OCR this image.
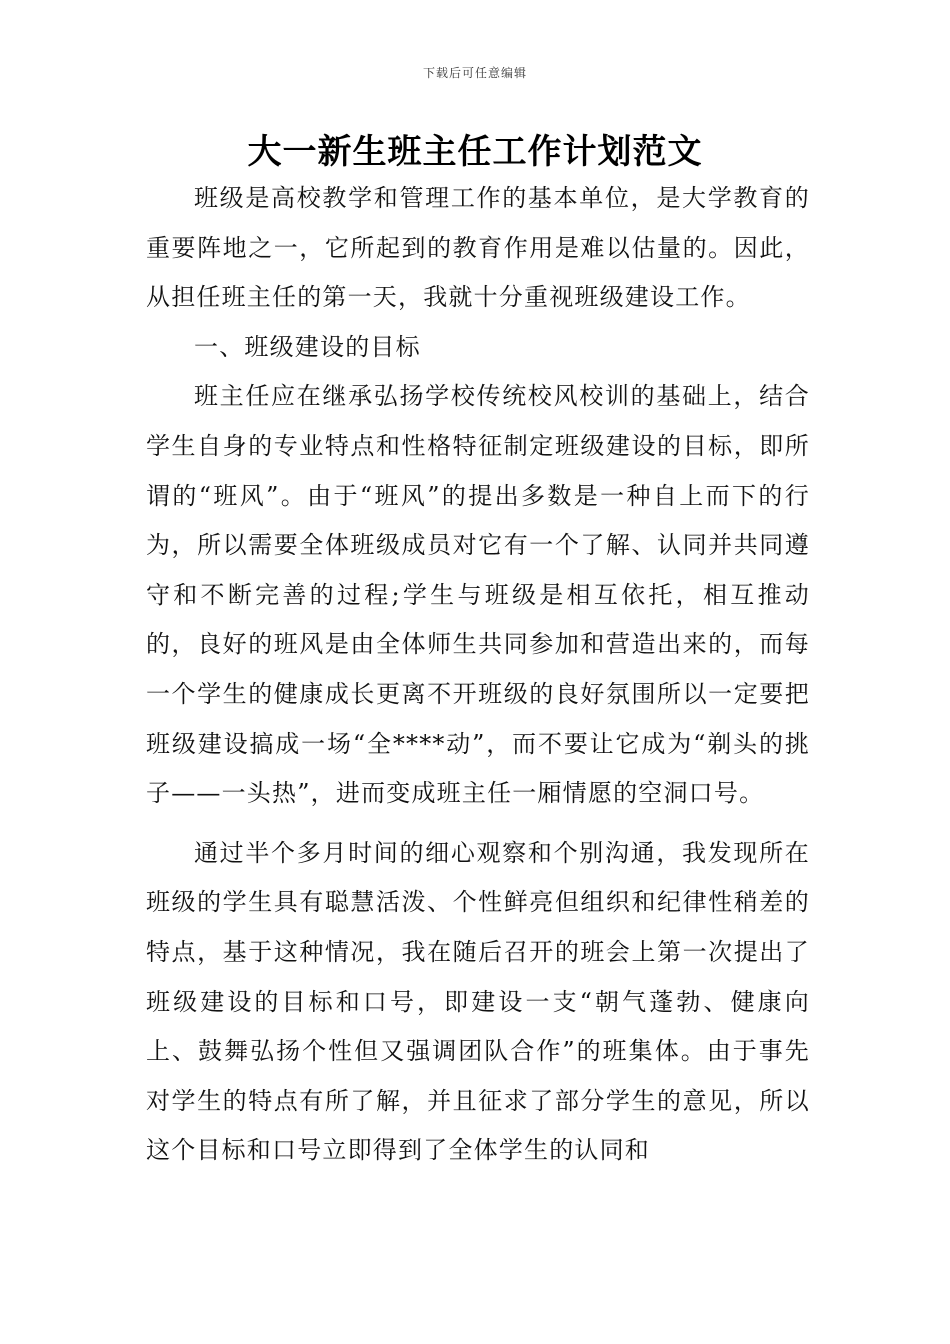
下载后可任意编辑
大一新生班主任工作计划范文

班级是高校教学和管理工作的基本单位，是大学教育的重要阵地之一，它所起到的教育作用是难以估量的。因此，从担任班主任的第一天，我就十分重视班级建设工作。

一、班级建设的目标

班主任应在继承弘扬学校传统校风校训的基础上，结合学生自身的专业特点和性格特征制定班级建设的目标，即所谓的“班风”。由于“班风”的提出多数是一种自上而下的行为，所以需要全体班级成员对它有一个了解、认同并共同遵守和不断完善的过程;学生与班级是相互依托，相互推动的，良好的班风是由全体师生共同参加和营造出来的，而每一个学生的健康成长更离不开班级的良好氛围所以一定要把班级建设搞成一场“全****动”，而不要让它成为“剃头的挑子——一头热”，进而变成班主任一厢情愿的空洞口号。

通过半个多月时间的细心观察和个别沟通，我发现所在班级的学生具有聪慧活泼、个性鲜亮但组织和纪律性稍差的特点，基于这种情况，我在随后召开的班会上第一次提出了班级建设的目标和口号，即建设一支“朝气蓬勃、健康向上、鼓舞弘扬个性但又强调团队合作”的班集体。由于事先对学生的特点有所了解，并且征求了部分学生的意见，所以这个目标和口号立即得到了全体学生的认同和
